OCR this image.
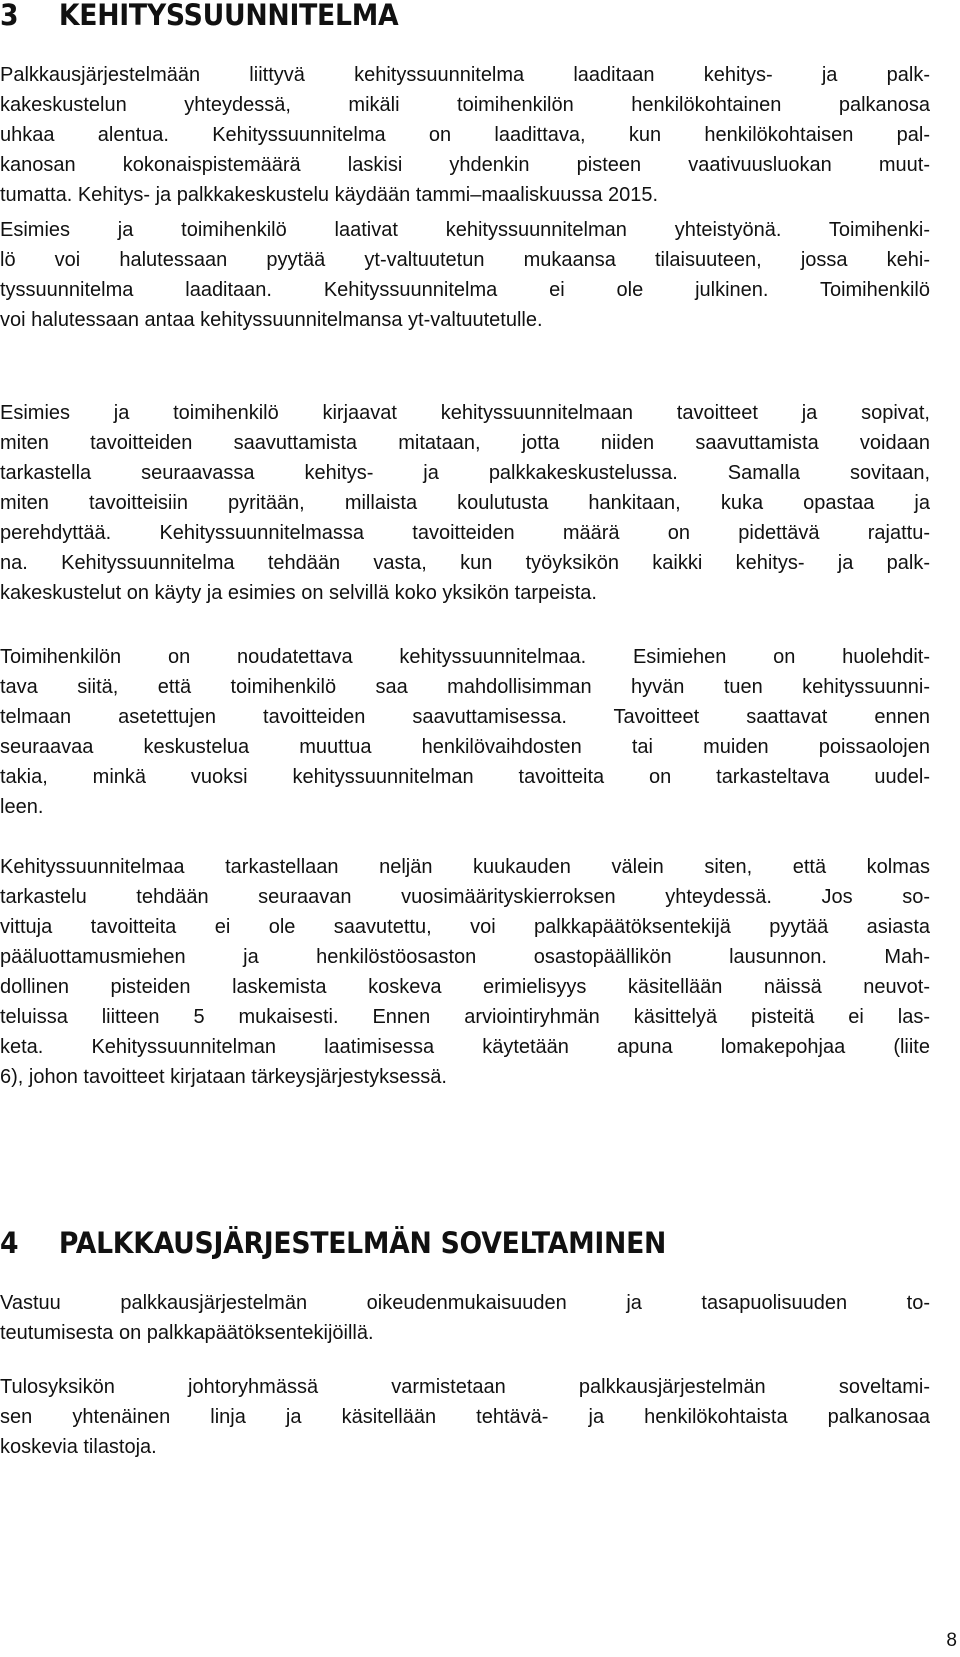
3 KEHITYSSUUNNITELMA
Palkkausjärjestelmään liittyvä kehityssuunnitelma laaditaan kehitys- ja palk-
kakeskustelun yhteydessä, mikäli toimihenkilön henkilökohtainen palkanosa
uhkaa alentua. Kehityssuunnitelma on laadittava, kun henkilökohtaisen pal-
kanosan kokonaispistemäärä laskisi yhdenkin pisteen vaativuusluokan muut-
tumatta. Kehitys- ja palkkakeskustelu käydään tammi–maaliskuussa 2015.
Esimies ja toimihenkilö laativat kehityssuunnitelman yhteistyönä. Toimihenki-
lö voi halutessaan pyytää yt-valtuutetun mukaansa tilaisuuteen, jossa kehi-
tyssuunnitelma laaditaan. Kehityssuunnitelma ei ole julkinen. Toimihenkilö
voi halutessaan antaa kehityssuunnitelmansa yt-valtuutetulle.
Esimies ja toimihenkilö kirjaavat kehityssuunnitelmaan tavoitteet ja sopivat,
miten tavoitteiden saavuttamista mitataan, jotta niiden saavuttamista voidaan
tarkastella seuraavassa kehitys- ja palkkakeskustelussa. Samalla sovitaan,
miten tavoitteisiin pyritään, millaista koulutusta hankitaan, kuka opastaa ja
perehdyttää. Kehityssuunnitelmassa tavoitteiden määrä on pidettävä rajattu-
na. Kehityssuunnitelma tehdään vasta, kun työyksikön kaikki kehitys- ja palk-
kakeskustelut on käyty ja esimies on selvillä koko yksikön tarpeista.
Toimihenkilön on noudatettava kehityssuunnitelmaa. Esimiehen on huolehdit-
tava siitä, että toimihenkilö saa mahdollisimman hyvän tuen kehityssuunni-
telmaan asetettujen tavoitteiden saavuttamisessa. Tavoitteet saattavat ennen
seuraavaa keskustelua muuttua henkilövaihdosten tai muiden poissaolojen
takia, minkä vuoksi kehityssuunnitelman tavoitteita on tarkasteltava uudel-
leen.
Kehityssuunnitelmaa tarkastellaan neljän kuukauden välein siten, että kolmas
tarkastelu tehdään seuraavan vuosimäärityskierroksen yhteydessä. Jos so-
vittuja tavoitteita ei ole saavutettu, voi palkkapäätöksentekijä pyytää asiasta
pääluottamusmiehen ja henkilöstöosaston osastopäällikön lausunnon. Mah-
dollinen pisteiden laskemista koskeva erimielisyys käsitellään näissä neuvot-
teluissa liitteen 5 mukaisesti. Ennen arviointiryhmän käsittelyä pisteitä ei las-
keta. Kehityssuunnitelman laatimisessa käytetään apuna lomakepohjaa (liite
6), johon tavoitteet kirjataan tärkeysjärjestyksessä.
4 PALKKAUSJÄRJESTELMÄN SOVELTAMINEN
Vastuu palkkausjärjestelmän oikeudenmukaisuuden ja tasapuolisuuden to-
teutumisesta on palkkapäätöksentekijöillä.
Tulosyksikön johtoryhmässä varmistetaan palkkausjärjestelmän soveltami-
sen yhtenäinen linja ja käsitellään tehtävä- ja henkilökohtaista palkanosaa
koskevia tilastoja.
8
